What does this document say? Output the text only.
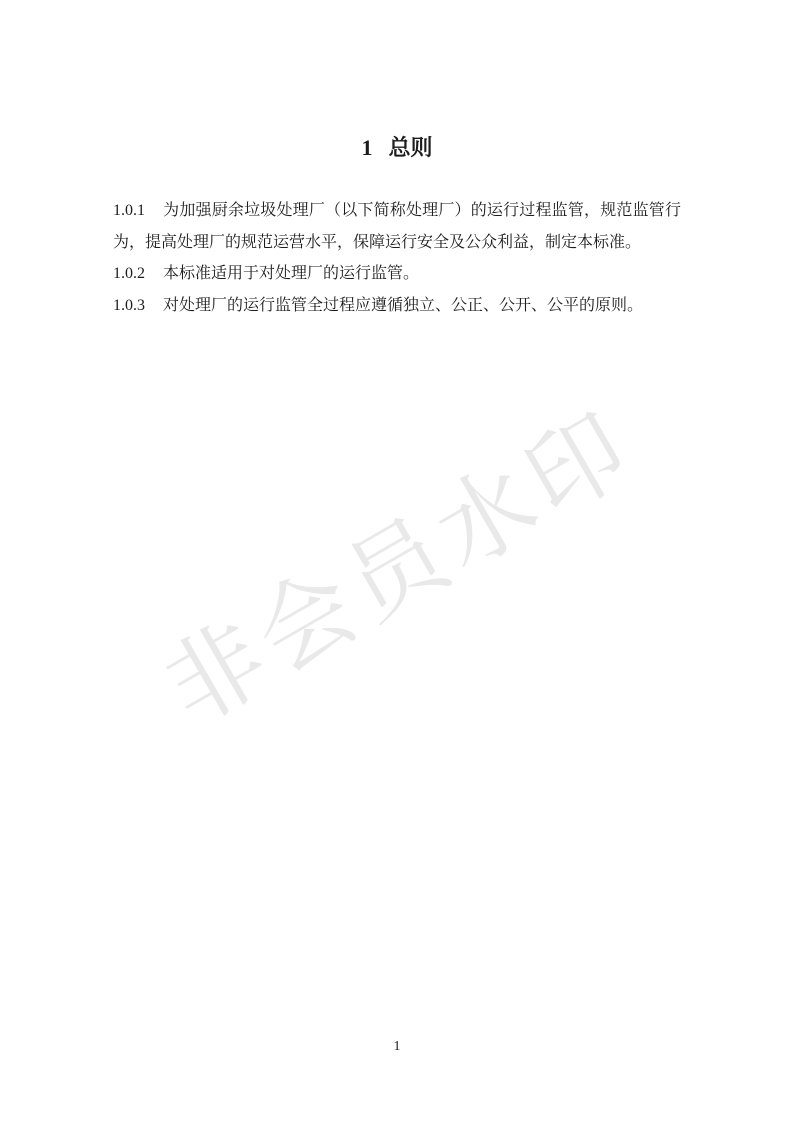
非会员水印
1 总则

1.0.1 为加强厨余垃圾处理厂（以下简称处理厂）的运行过程监管，规范监管行为，提高处理厂的规范运营水平，保障运行安全及公众利益，制定本标准。

1.0.2 本标准适用于对处理厂的运行监管。

1.0.3 对处理厂的运行监管全过程应遵循独立、公正、公开、公平的原则。

1
